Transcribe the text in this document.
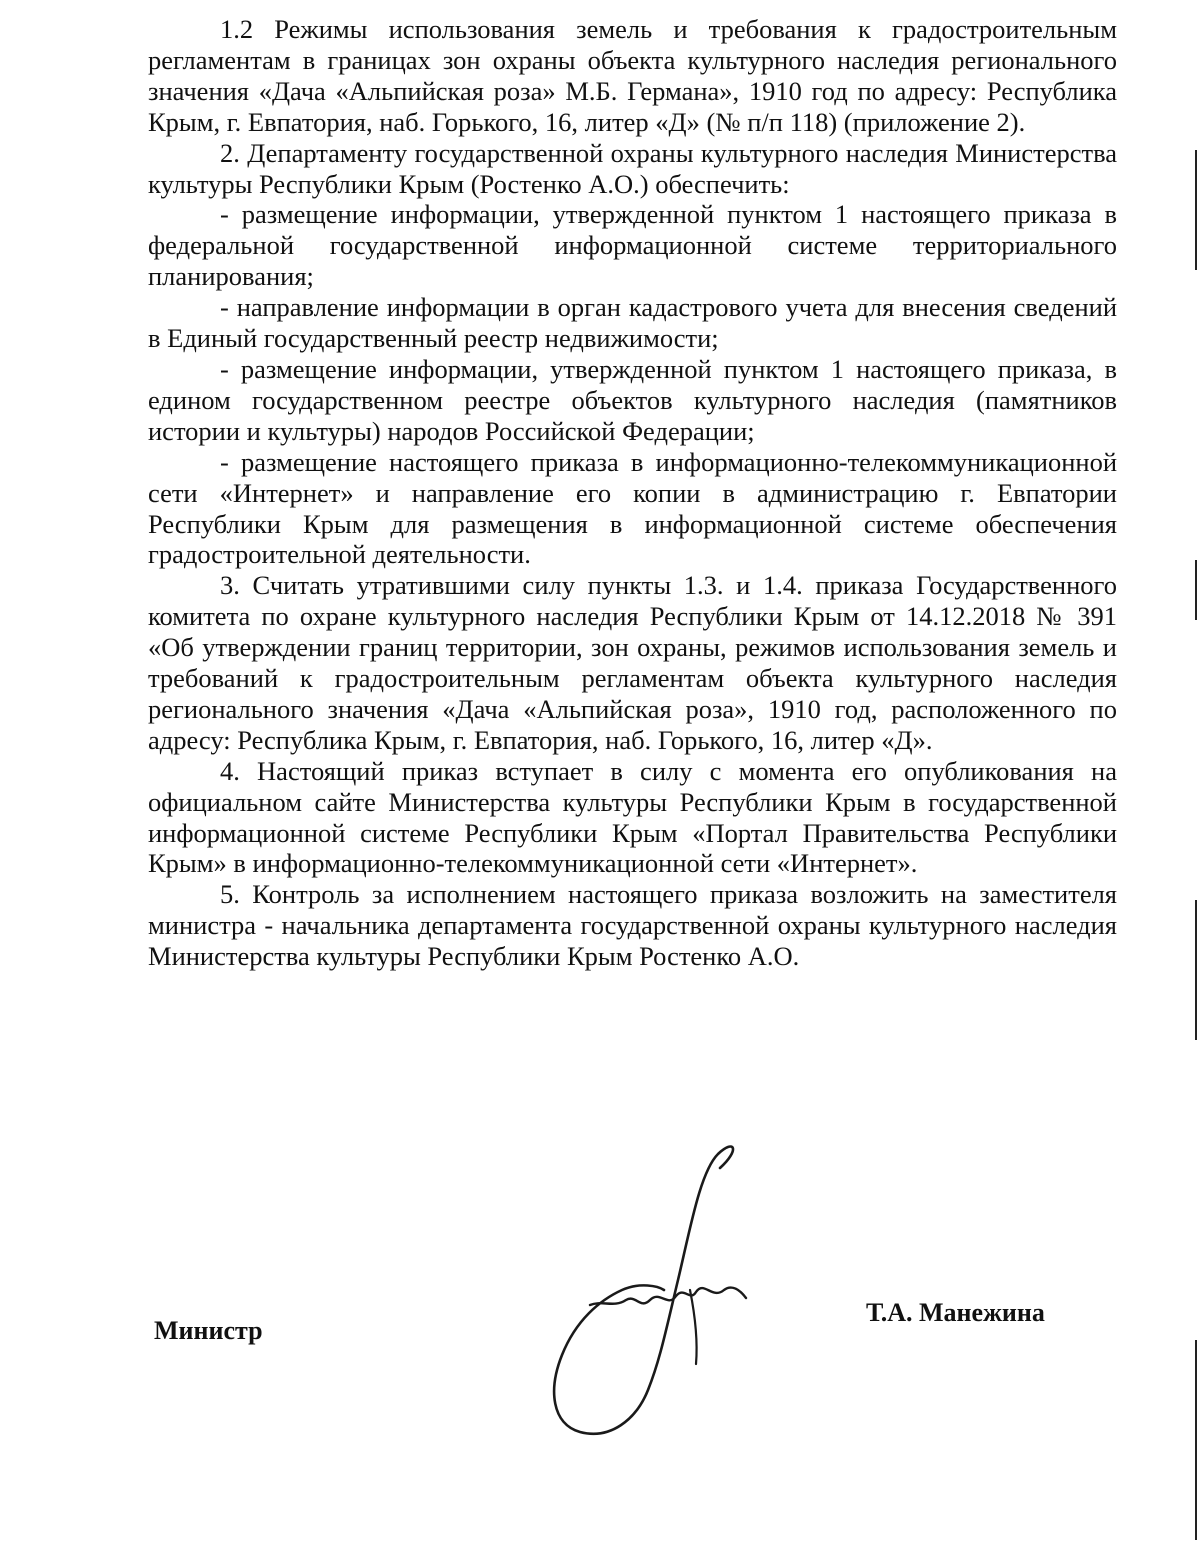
1.2 Режимы использования земель и требования к градостроительным регламентам в границах зон охраны объекта культурного наследия регионального значения «Дача «Альпийская роза» М.Б. Германа», 1910 год по адресу: Республика Крым, г. Евпатория, наб. Горького, 16, литер «Д» (№ п/п 118) (приложение 2).

2. Департаменту государственной охраны культурного наследия Министерства культуры Республики Крым (Ростенко А.О.) обеспечить:

- размещение информации, утвержденной пунктом 1 настоящего приказа в федеральной государственной информационной системе территориального планирования;

- направление информации в орган кадастрового учета для внесения сведений в Единый государственный реестр недвижимости;

- размещение информации, утвержденной пунктом 1 настоящего приказа, в едином государственном реестре объектов культурного наследия (памятников истории и культуры) народов Российской Федерации;

- размещение настоящего приказа в информационно-телекоммуникационной сети «Интернет» и направление его копии в администрацию г. Евпатории Республики Крым для размещения в информационной системе обеспечения градостроительной деятельности.

3. Считать утратившими силу пункты 1.3. и 1.4. приказа Государственного комитета по охране культурного наследия Республики Крым от 14.12.2018 № 391 «Об утверждении границ территории, зон охраны, режимов использования земель и требований к градостроительным регламентам объекта культурного наследия регионального значения «Дача «Альпийская роза», 1910 год, расположенного по адресу: Республика Крым, г. Евпатория, наб. Горького, 16, литер «Д».

4. Настоящий приказ вступает в силу с момента его опубликования на официальном сайте Министерства культуры Республики Крым в государственной информационной системе Республики Крым «Портал Правительства Республики Крым» в информационно-телекоммуникационной сети «Интернет».

5. Контроль за исполнением настоящего приказа возложить на заместителя министра - начальника департамента государственной охраны культурного наследия Министерства культуры Республики Крым Ростенко А.О.

Министр
Т.А. Манежина
